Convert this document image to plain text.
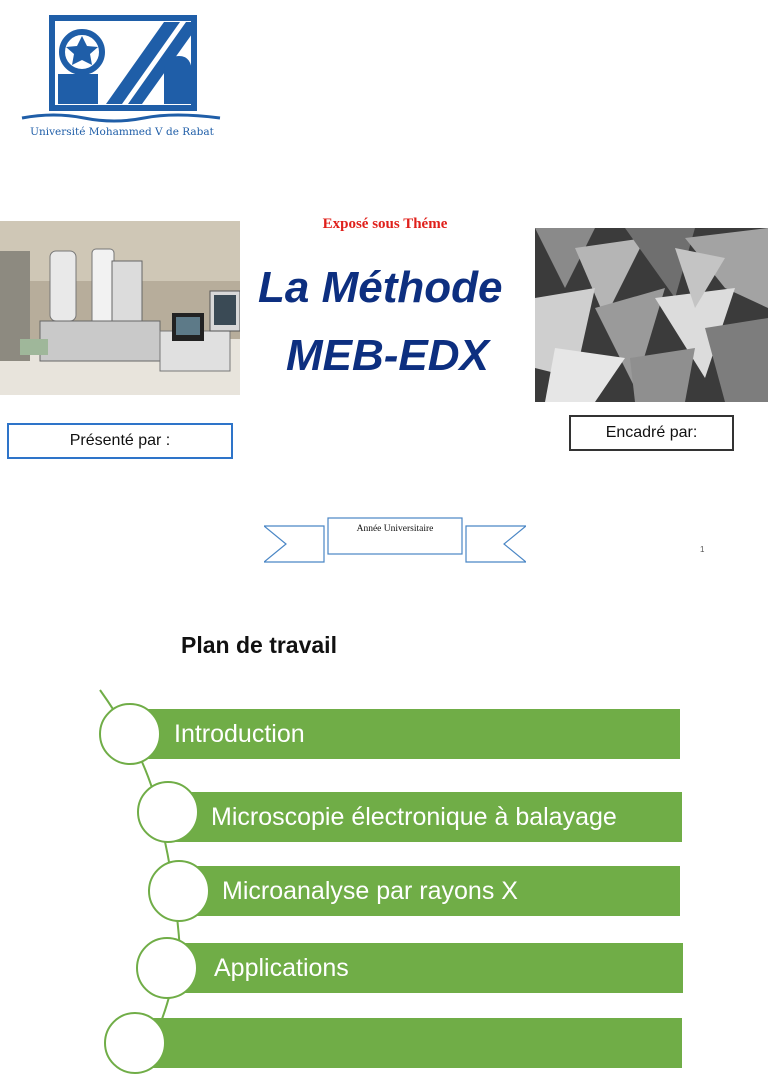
Université Mohammed V de Rabat
Exposé sous Théme
La Méthode
MEB-EDX
Présenté par :	Encadré par:
Année Universitaire
1
Plan de travail
Introduction
Microscopie électronique à balayage
Microanalyse par rayons X
Applications
